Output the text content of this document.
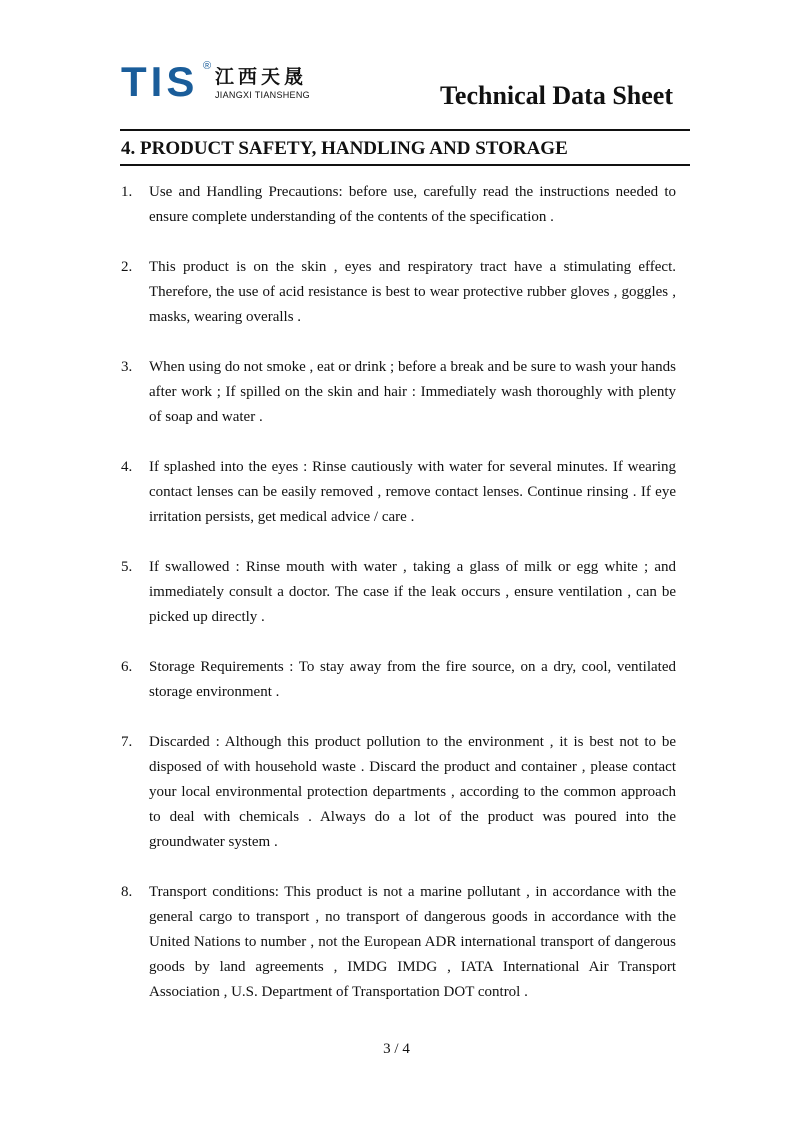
TIS ® 江西天晟
JIANGXI TIANSHENG	Technical Data Sheet
4. PRODUCT SAFETY, HANDLING AND STORAGE
1. Use and Handling Precautions: before use, carefully read the instructions needed to ensure complete understanding of the contents of the specification .
2. This product is on the skin , eyes and respiratory tract have a stimulating effect. Therefore, the use of acid resistance is best to wear protective rubber gloves , goggles , masks, wearing overalls .
3. When using do not smoke , eat or drink ; before a break and be sure to wash your hands after work ; If spilled on the skin and hair : Immediately wash thoroughly with plenty of soap and water .
4. If splashed into the eyes : Rinse cautiously with water for several minutes. If wearing contact lenses can be easily removed , remove contact lenses. Continue rinsing . If eye irritation persists, get medical advice / care .
5. If swallowed : Rinse mouth with water , taking a glass of milk or egg white ; and immediately consult a doctor. The case if the leak occurs , ensure ventilation , can be picked up directly .
6. Storage Requirements : To stay away from the fire source, on a dry, cool, ventilated storage environment .
7. Discarded : Although this product pollution to the environment , it is best not to be disposed of with household waste . Discard the product and container , please contact your local environmental protection departments , according to the common approach to deal with chemicals . Always do a lot of the product was poured into the groundwater system .
8. Transport conditions: This product is not a marine pollutant , in accordance with the general cargo to transport , no transport of dangerous goods in accordance with the United Nations to number , not the European ADR international transport of dangerous goods by land agreements , IMDG IMDG , IATA International Air Transport Association , U.S. Department of Transportation DOT control .
3 / 4
